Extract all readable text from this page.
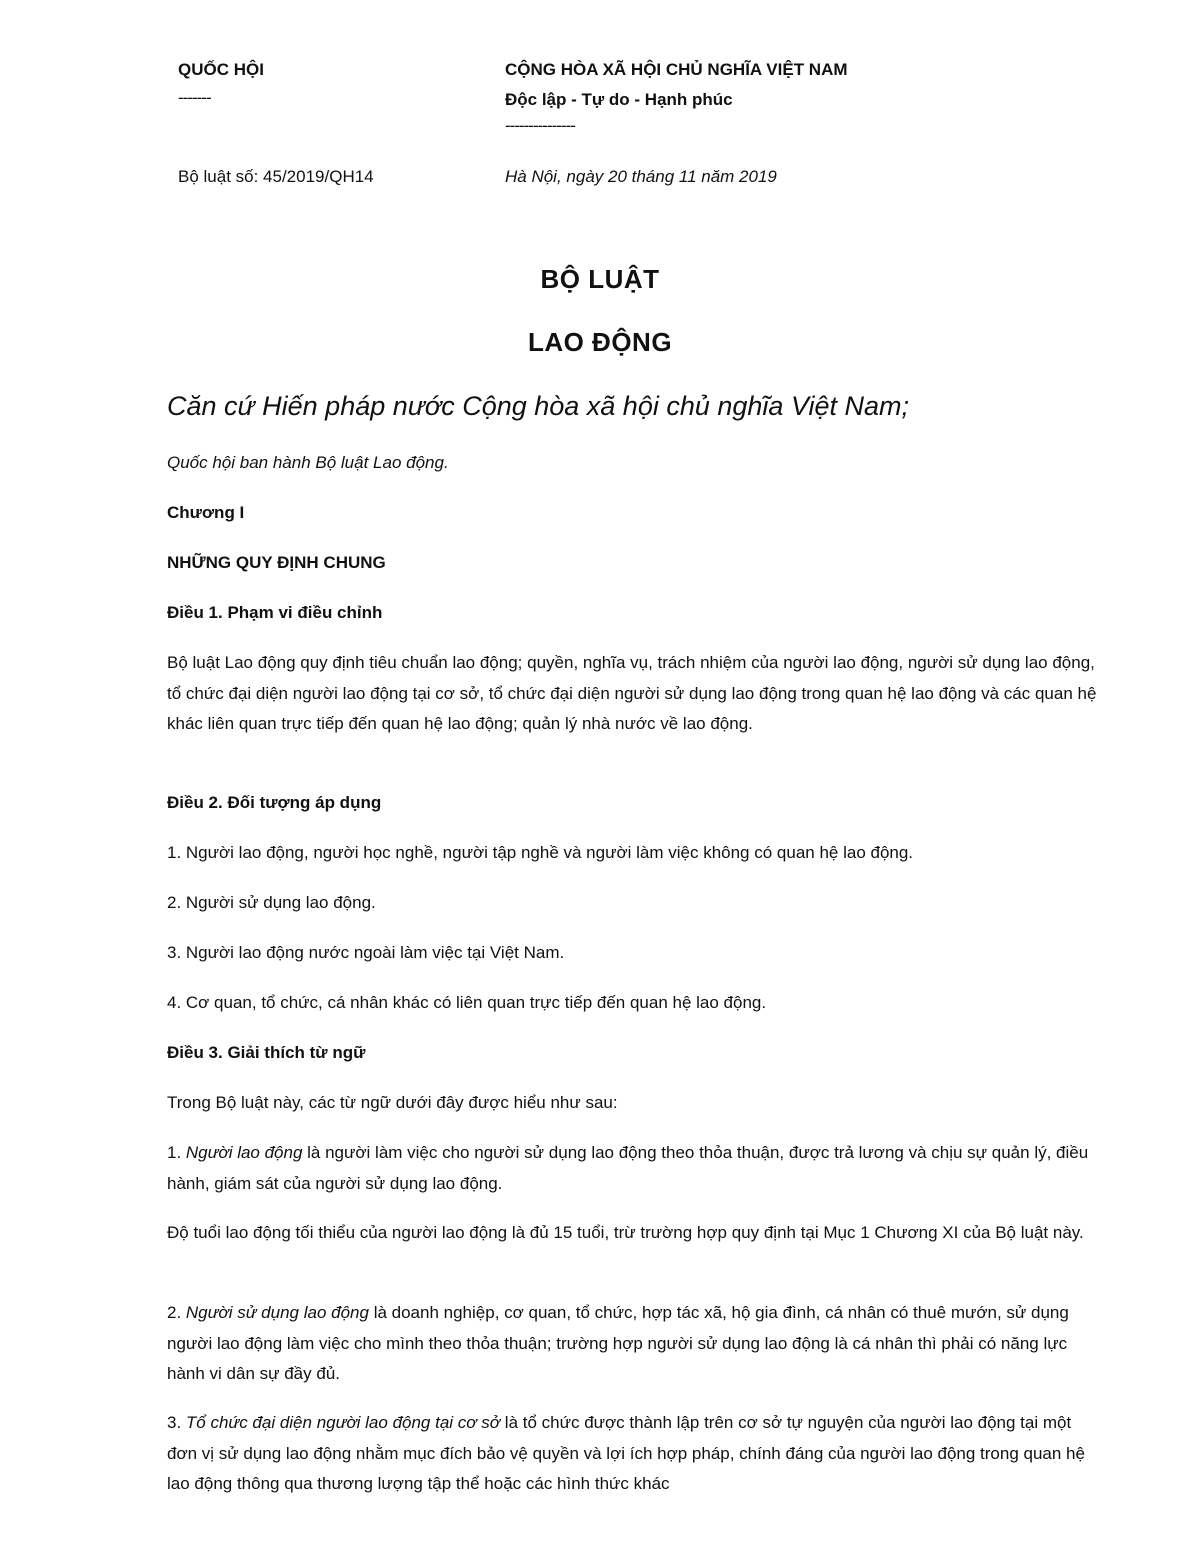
QUỐC HỘI
-------
CỘNG HÒA XÃ HỘI CHỦ NGHĨA VIỆT NAM
Độc lập - Tự do - Hạnh phúc
---------------
Bộ luật số: 45/2019/QH14	Hà Nội, ngày 20 tháng 11 năm 2019
BỘ LUẬT
LAO ĐỘNG
Căn cứ Hiến pháp nước Cộng hòa xã hội chủ nghĩa Việt Nam;
Quốc hội ban hành Bộ luật Lao động.
Chương I
NHỮNG QUY ĐỊNH CHUNG
Điều 1. Phạm vi điều chỉnh
Bộ luật Lao động quy định tiêu chuẩn lao động; quyền, nghĩa vụ, trách nhiệm của người lao động, người sử dụng lao động, tổ chức đại diện người lao động tại cơ sở, tổ chức đại diện người sử dụng lao động trong quan hệ lao động và các quan hệ khác liên quan trực tiếp đến quan hệ lao động; quản lý nhà nước về lao động.
Điều 2. Đối tượng áp dụng
1. Người lao động, người học nghề, người tập nghề và người làm việc không có quan hệ lao động.
2. Người sử dụng lao động.
3. Người lao động nước ngoài làm việc tại Việt Nam.
4. Cơ quan, tổ chức, cá nhân khác có liên quan trực tiếp đến quan hệ lao động.
Điều 3. Giải thích từ ngữ
Trong Bộ luật này, các từ ngữ dưới đây được hiểu như sau:
1. Người lao động là người làm việc cho người sử dụng lao động theo thỏa thuận, được trả lương và chịu sự quản lý, điều hành, giám sát của người sử dụng lao động.
Độ tuổi lao động tối thiểu của người lao động là đủ 15 tuổi, trừ trường hợp quy định tại Mục 1 Chương XI của Bộ luật này.
2. Người sử dụng lao động là doanh nghiệp, cơ quan, tổ chức, hợp tác xã, hộ gia đình, cá nhân có thuê mướn, sử dụng người lao động làm việc cho mình theo thỏa thuận; trường hợp người sử dụng lao động là cá nhân thì phải có năng lực hành vi dân sự đầy đủ.
3. Tổ chức đại diện người lao động tại cơ sở là tổ chức được thành lập trên cơ sở tự nguyện của người lao động tại một đơn vị sử dụng lao động nhằm mục đích bảo vệ quyền và lợi ích hợp pháp, chính đáng của người lao động trong quan hệ lao động thông qua thương lượng tập thể hoặc các hình thức khác
